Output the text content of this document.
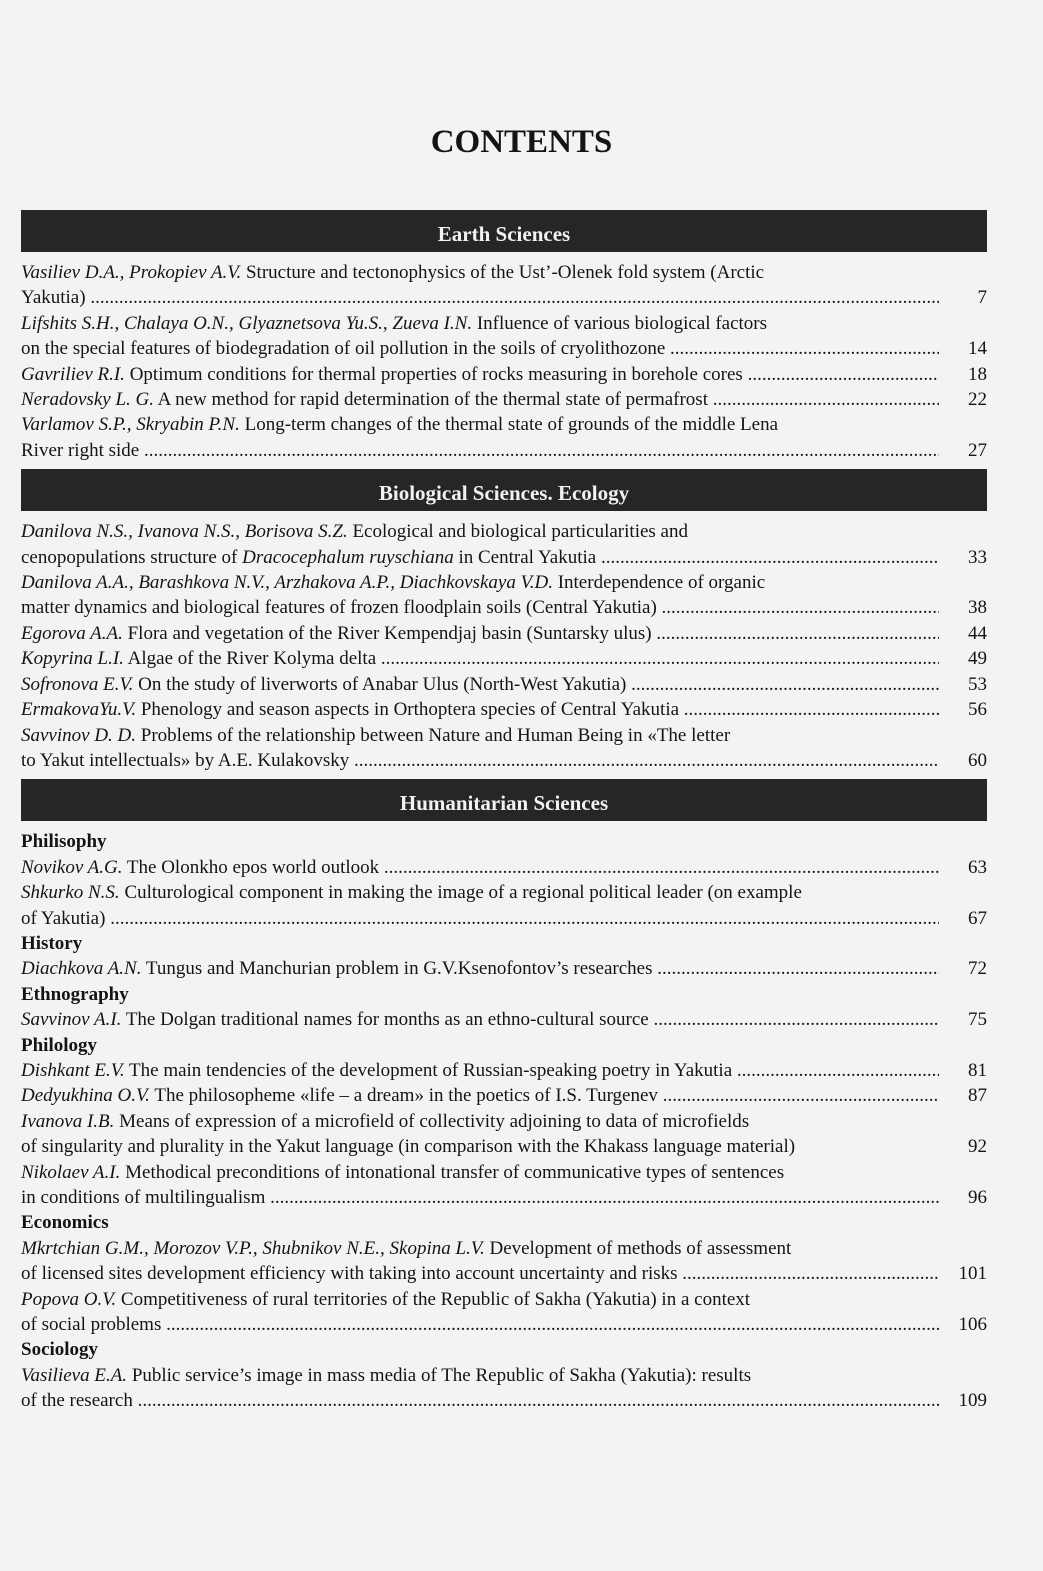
CONTENTS
Earth Sciences
Vasiliev D.A., Prokopiev A.V. Structure and tectonophysics of the Ust’-Olenek fold system (Arctic
Yakutia) .....	7
Lifshits S.H., Chalaya O.N., Glyaznetsova Yu.S., Zueva I.N. Influence of various biological factors
on the special features of biodegradation of oil pollution in the soils of cryolithozone .....	14
Gavriliev R.I. Optimum conditions for thermal properties of rocks measuring in borehole cores .....	18
Neradovsky L. G. A new method for rapid determination of the thermal state of permafrost .....	22
Varlamov S.P., Skryabin P.N. Long-term changes of the thermal state of grounds of the middle Lena
River right side .....	27
Biological Sciences. Ecology
Danilova N.S., Ivanova N.S., Borisova S.Z. Ecological and biological particularities and
cenopopulations structure of Dracocephalum ruyschiana in Central Yakutia .....	33
Danilova A.A., Barashkova N.V., Arzhakova A.P., Diachkovskaya V.D. Interdependence of organic
matter dynamics and biological features of frozen floodplain soils (Central Yakutia) .....	38
Egorova A.A. Flora and vegetation of the River Kempendjaj basin (Suntarsky ulus) .....	44
Kopyrina L.I. Algae of the River Kolyma delta .....	49
Sofronova E.V. On the study of liverworts of Anabar Ulus (North-West Yakutia) .....	53
ErmakovaYu.V. Phenology and season aspects in Orthoptera species of Central Yakutia .....	56
Savvinov D. D. Problems of the relationship between Nature and Human Being in «The letter
to Yakut intellectuals» by A.E. Kulakovsky .....	60
Humanitarian Sciences
Philisophy
Novikov A.G. The Olonkho epos world outlook .....	63
Shkurko N.S. Culturological component in making the image of a regional political leader (on example
of Yakutia) .....	67
History
Diachkova A.N. Tungus and Manchurian problem in G.V.Ksenofontov’s researches .....	72
Ethnography
Savvinov A.I. The Dolgan traditional names for months as an ethno-cultural source .....	75
Philology
Dishkant E.V. The main tendencies of the development of Russian-speaking poetry in Yakutia .....	81
Dedyukhina O.V. The philosopheme «life – a dream» in the poetics of I.S. Turgenev .....	87
Ivanova I.B. Means of expression of a microfield of collectivity adjoining to data of microfields
of singularity and plurality in the Yakut language (in comparison with the Khakass language material)	92
Nikolaev A.I. Methodical preconditions of intonational transfer of communicative types of sentences
in conditions of multilingualism .....	96
Economics
Mkrtchian G.M., Morozov V.P., Shubnikov N.E., Skopina L.V. Development of methods of assessment
of licensed sites development efficiency with taking into account uncertainty and risks .....	101
Popova O.V. Competitiveness of rural territories of the Republic of Sakha (Yakutia) in a context
of social problems .....	106
Sociology
Vasilieva E.A. Public service’s image in mass media of The Republic of Sakha (Yakutia): results
of the research .....	109
